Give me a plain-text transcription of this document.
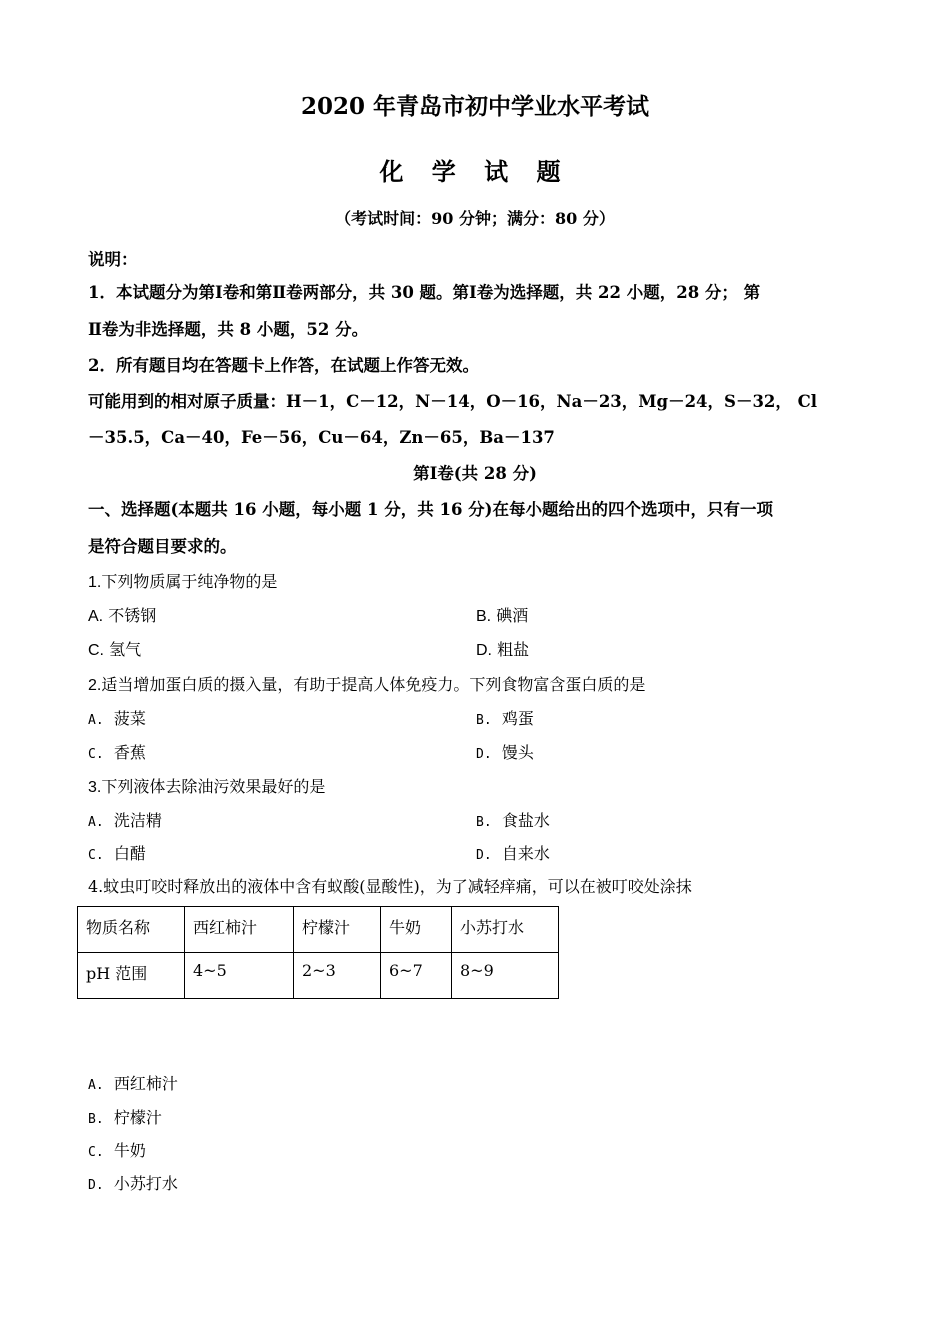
2020 年青岛市初中学业水平考试
化 学 试 题
（考试时间：90 分钟；满分：80 分）
说明：
1．本试题分为第Ⅰ卷和第Ⅱ卷两部分，共 30 题。第Ⅰ卷为选择题，共 22 小题，28 分； 第
Ⅱ卷为非选择题，共 8 小题，52 分。
2．所有题目均在答题卡上作答，在试题上作答无效。
可能用到的相对原子质量：H－1，C－12，N－14，O－16，Na－23，Mg－24，S－32， Cl
－35.5，Ca－40，Fe－56，Cu－64，Zn－65，Ba－137
第Ⅰ卷(共 28 分)
一、选择题(本题共 16 小题，每小题 1 分，共 16 分)在每小题给出的四个选项中，只有一项
是符合题目要求的。
1.下列物质属于纯净物的是
A. 不锈钢	B. 碘酒
C. 氢气	D. 粗盐
2.适当增加蛋白质的摄入量，有助于提高人体免疫力。下列食物富含蛋白质的是
A. 菠菜	B. 鸡蛋
C. 香蕉	D. 馒头
3.下列液体去除油污效果最好的是
A. 洗洁精	B. 食盐水
C. 白醋	D. 自来水
4.蚊虫叮咬时释放出的液体中含有蚁酸(显酸性)，为了减轻痒痛，可以在被叮咬处涂抹
物质名称	西红柿汁	柠檬汁	牛奶	小苏打水
pH 范围	4~5	2~3	6~7	8~9
A. 西红柿汁
B. 柠檬汁
C. 牛奶
D. 小苏打水
